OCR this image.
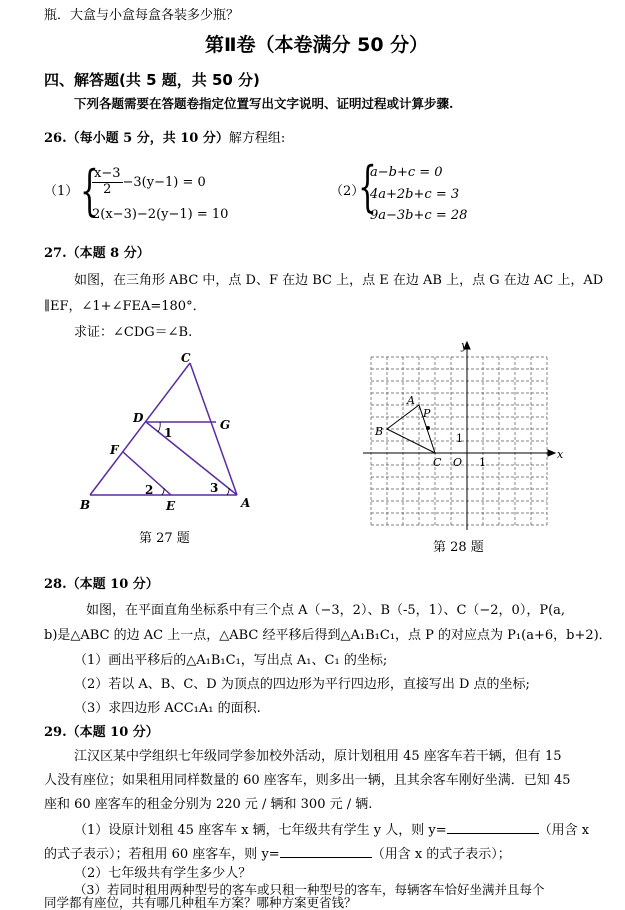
瓶．大盒与小盒每盒各装多少瓶？
第Ⅱ卷（本卷满分 50 分）
四、解答题(共 5 题，共 50 分)
下列各题需要在答题卷指定位置写出文字说明、证明过程或计算步骤.
26.（每小题 5 分，共 10 分）解方程组:
（1） {
$\frac{x-3}{2} -3(y-1) = 0$
2(x−3)−2(y−1) = 10
（2）
{
a−b+c = 0
4a+2b+c = 3
9a−3b+c = 28
27.（本题 8 分）
如图，在三角形 ABC 中，点 D、F 在边 BC 上，点 E 在边 AB 上，点 G 在边 AC 上，AD
∥EF，∠1+∠FEA=180°．
求证：∠CDG＝∠B.
C
D	G
F
B	E	A
1
2	3
第 27 题
y
x
A
P
B
C O 1
1
第 28 题
28.（本题 10 分）
如图，在平面直角坐标系中有三个点 A（−3，2）、B（-5，1）、C（−2，0），P(a,
b)是△ABC 的边 AC 上一点，△ABC 经平移后得到△A₁B₁C₁，点 P 的对应点为 P₁(a+6，b+2)．
（1）画出平移后的△A₁B₁C₁，写出点 A₁、C₁ 的坐标;
（2）若以 A、B、C、D 为顶点的四边形为平行四边形，直接写出 D 点的坐标;
（3）求四边形 ACC₁A₁ 的面积.
29.（本题 10 分）
江汉区某中学组织七年级同学参加校外活动，原计划租用 45 座客车若干辆，但有 15
人没有座位；如果租用同样数量的 60 座客车，则多出一辆，且其余客车刚好坐满．已知 45
座和 60 座客车的租金分别为 220 元 / 辆和 300 元 / 辆.
（1）设原计划租 45 座客车 x 辆，七年级共有学生 y 人，则 y=	（用含 x
的式子表示）；若租用 60 座客车，则 y=	（用含 x 的式子表示）；
（2）七年级共有学生多少人？
（3）若同时租用两种型号的客车或只租一种型号的客车，每辆客车恰好坐满并且每个
同学都有座位，共有哪几种租车方案？哪种方案更省钱？
